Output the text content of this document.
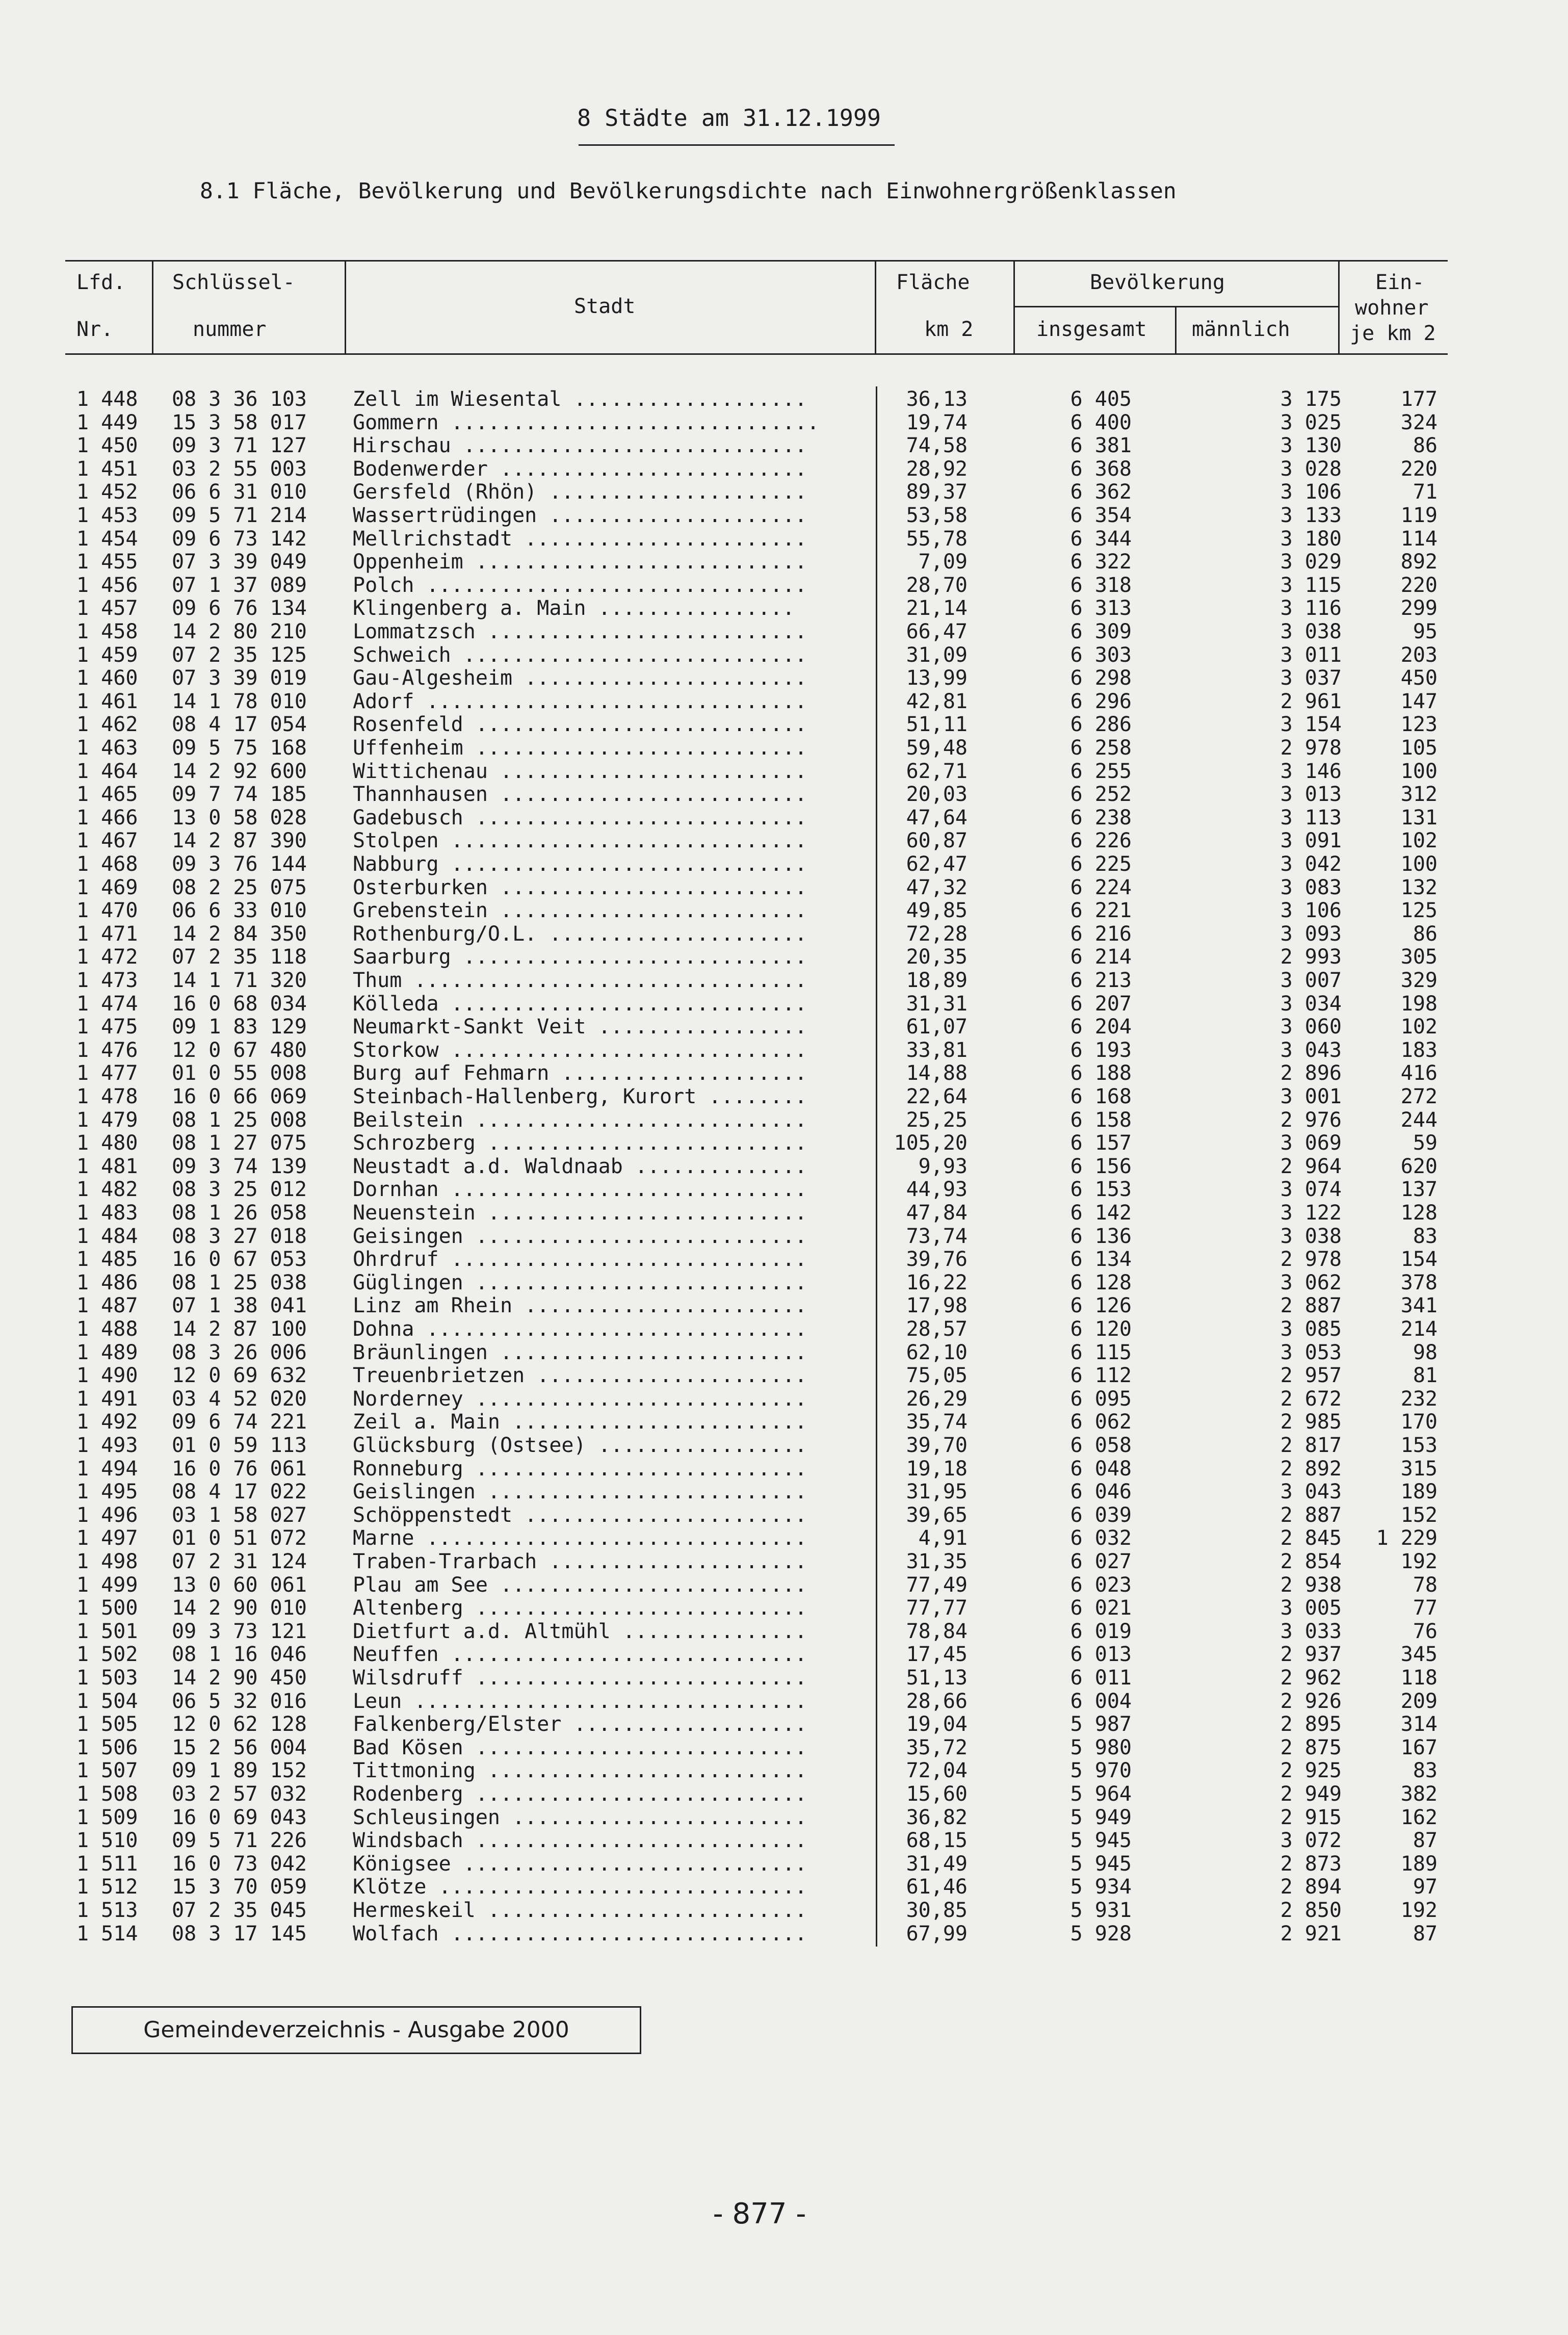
8 Städte am 31.12.1999
8.1 Fläche, Bevölkerung und Bevölkerungsdichte nach Einwohnergrößenklassen
Lfd.
Nr.
Schlüssel-
nummer
Stadt
Fläche
km 2
Bevölkerung
insgesamt männlich
Ein-
wohner
je km 2
1 448	08 3 36 103	Zell im Wiesental ...................	36,13	6 405	3 175	177
1 449	15 3 58 017	Gommern ..............................	19,74	6 400	3 025	324
1 450	09 3 71 127	Hirschau ............................	74,58	6 381	3 130	86
1 451	03 2 55 003	Bodenwerder .........................	28,92	6 368	3 028	220
1 452	06 6 31 010	Gersfeld (Rhön) .....................	89,37	6 362	3 106	71
1 453	09 5 71 214	Wassertrüdingen .....................	53,58	6 354	3 133	119
1 454	09 6 73 142	Mellrichstadt .......................	55,78	6 344	3 180	114
1 455	07 3 39 049	Oppenheim ...........................	7,09	6 322	3 029	892
1 456	07 1 37 089	Polch ...............................	28,70	6 318	3 115	220
1 457	09 6 76 134	Klingenberg a. Main ................	21,14	6 313	3 116	299
1 458	14 2 80 210	Lommatzsch ..........................	66,47	6 309	3 038	95
1 459	07 2 35 125	Schweich ............................	31,09	6 303	3 011	203
1 460	07 3 39 019	Gau-Algesheim .......................	13,99	6 298	3 037	450
1 461	14 1 78 010	Adorf ...............................	42,81	6 296	2 961	147
1 462	08 4 17 054	Rosenfeld ...........................	51,11	6 286	3 154	123
1 463	09 5 75 168	Uffenheim ...........................	59,48	6 258	2 978	105
1 464	14 2 92 600	Wittichenau .........................	62,71	6 255	3 146	100
1 465	09 7 74 185	Thannhausen .........................	20,03	6 252	3 013	312
1 466	13 0 58 028	Gadebusch ...........................	47,64	6 238	3 113	131
1 467	14 2 87 390	Stolpen .............................	60,87	6 226	3 091	102
1 468	09 3 76 144	Nabburg .............................	62,47	6 225	3 042	100
1 469	08 2 25 075	Osterburken .........................	47,32	6 224	3 083	132
1 470	06 6 33 010	Grebenstein .........................	49,85	6 221	3 106	125
1 471	14 2 84 350	Rothenburg/O.L. .....................	72,28	6 216	3 093	86
1 472	07 2 35 118	Saarburg ............................	20,35	6 214	2 993	305
1 473	14 1 71 320	Thum ................................	18,89	6 213	3 007	329
1 474	16 0 68 034	Kölleda .............................	31,31	6 207	3 034	198
1 475	09 1 83 129	Neumarkt-Sankt Veit .................	61,07	6 204	3 060	102
1 476	12 0 67 480	Storkow .............................	33,81	6 193	3 043	183
1 477	01 0 55 008	Burg auf Fehmarn ....................	14,88	6 188	2 896	416
1 478	16 0 66 069	Steinbach-Hallenberg, Kurort ........	22,64	6 168	3 001	272
1 479	08 1 25 008	Beilstein ...........................	25,25	6 158	2 976	244
1 480	08 1 27 075	Schrozberg ..........................	105,20	6 157	3 069	59
1 481	09 3 74 139	Neustadt a.d. Waldnaab ..............	9,93	6 156	2 964	620
1 482	08 3 25 012	Dornhan .............................	44,93	6 153	3 074	137
1 483	08 1 26 058	Neuenstein ..........................	47,84	6 142	3 122	128
1 484	08 3 27 018	Geisingen ...........................	73,74	6 136	3 038	83
1 485	16 0 67 053	Ohrdruf .............................	39,76	6 134	2 978	154
1 486	08 1 25 038	Güglingen ...........................	16,22	6 128	3 062	378
1 487	07 1 38 041	Linz am Rhein .......................	17,98	6 126	2 887	341
1 488	14 2 87 100	Dohna ...............................	28,57	6 120	3 085	214
1 489	08 3 26 006	Bräunlingen .........................	62,10	6 115	3 053	98
1 490	12 0 69 632	Treuenbrietzen ......................	75,05	6 112	2 957	81
1 491	03 4 52 020	Norderney ...........................	26,29	6 095	2 672	232
1 492	09 6 74 221	Zeil a. Main ........................	35,74	6 062	2 985	170
1 493	01 0 59 113	Glücksburg (Ostsee) .................	39,70	6 058	2 817	153
1 494	16 0 76 061	Ronneburg ...........................	19,18	6 048	2 892	315
1 495	08 4 17 022	Geislingen ..........................	31,95	6 046	3 043	189
1 496	03 1 58 027	Schöppenstedt .......................	39,65	6 039	2 887	152
1 497	01 0 51 072	Marne ...............................	4,91	6 032	2 845	1 229
1 498	07 2 31 124	Traben-Trarbach .....................	31,35	6 027	2 854	192
1 499	13 0 60 061	Plau am See .........................	77,49	6 023	2 938	78
1 500	14 2 90 010	Altenberg ...........................	77,77	6 021	3 005	77
1 501	09 3 73 121	Dietfurt a.d. Altmühl ...............	78,84	6 019	3 033	76
1 502	08 1 16 046	Neuffen .............................	17,45	6 013	2 937	345
1 503	14 2 90 450	Wilsdruff ...........................	51,13	6 011	2 962	118
1 504	06 5 32 016	Leun ................................	28,66	6 004	2 926	209
1 505	12 0 62 128	Falkenberg/Elster ...................	19,04	5 987	2 895	314
1 506	15 2 56 004	Bad Kösen ...........................	35,72	5 980	2 875	167
1 507	09 1 89 152	Tittmoning ..........................	72,04	5 970	2 925	83
1 508	03 2 57 032	Rodenberg ...........................	15,60	5 964	2 949	382
1 509	16 0 69 043	Schleusingen ........................	36,82	5 949	2 915	162
1 510	09 5 71 226	Windsbach ...........................	68,15	5 945	3 072	87
1 511	16 0 73 042	Königsee ............................	31,49	5 945	2 873	189
1 512	15 3 70 059	Klötze ..............................	61,46	5 934	2 894	97
1 513	07 2 35 045	Hermeskeil ..........................	30,85	5 931	2 850	192
1 514	08 3 17 145	Wolfach .............................	67,99	5 928	2 921	87
Gemeindeverzeichnis - Ausgabe 2000
- 877 -
